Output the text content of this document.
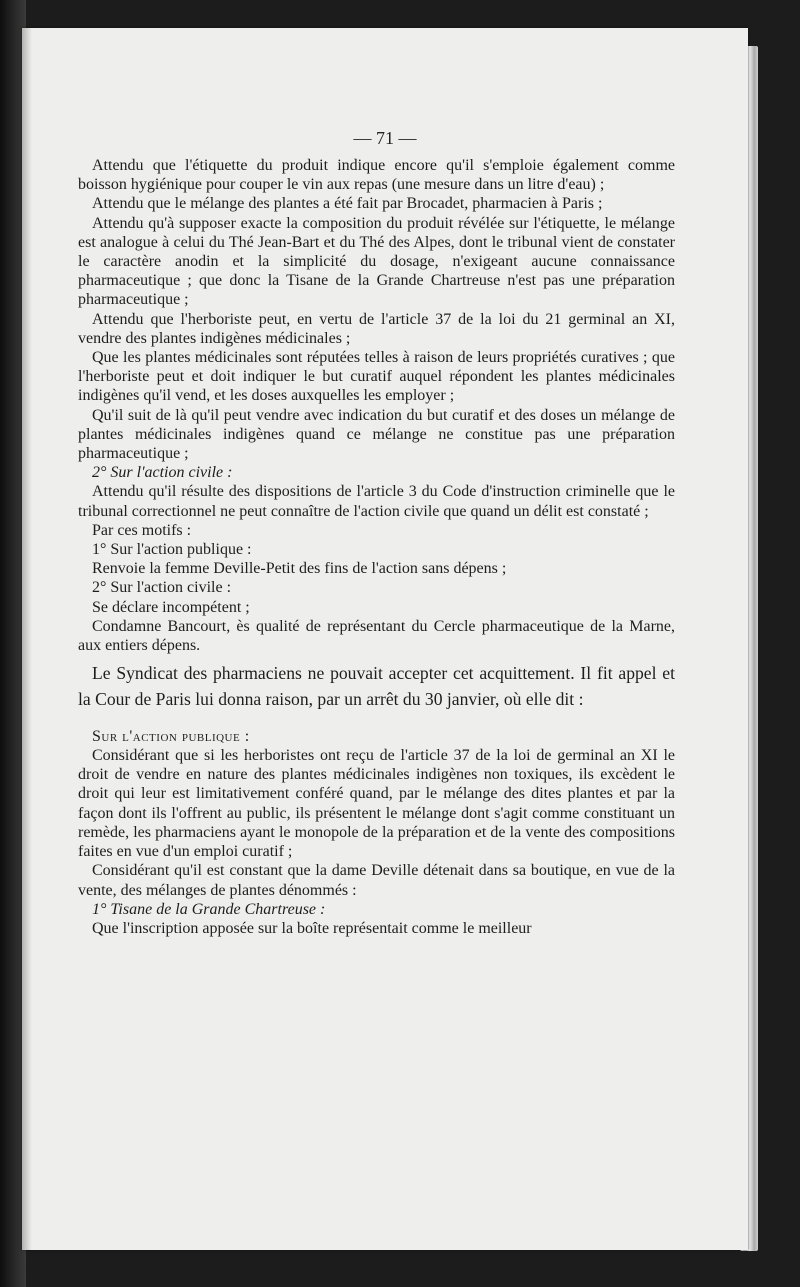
— 71 —

Attendu que l'étiquette du produit indique encore qu'il s'emploie également comme boisson hygiénique pour couper le vin aux repas (une mesure dans un litre d'eau) ;

Attendu que le mélange des plantes a été fait par Brocadet, pharmacien à Paris ;

Attendu qu'à supposer exacte la composition du produit révélée sur l'étiquette, le mélange est analogue à celui du Thé Jean-Bart et du Thé des Alpes, dont le tribunal vient de constater le caractère anodin et la simplicité du dosage, n'exigeant aucune connaissance pharmaceutique ; que donc la Tisane de la Grande Chartreuse n'est pas une préparation pharmaceutique ;

Attendu que l'herboriste peut, en vertu de l'article 37 de la loi du 21 germinal an XI, vendre des plantes indigènes médicinales ;

Que les plantes médicinales sont réputées telles à raison de leurs propriétés curatives ; que l'herboriste peut et doit indiquer le but curatif auquel répondent les plantes médicinales indigènes qu'il vend, et les doses auxquelles les employer ;

Qu'il suit de là qu'il peut vendre avec indication du but curatif et des doses un mélange de plantes médicinales indigènes quand ce mélange ne constitue pas une préparation pharmaceutique ;

2° Sur l'action civile :

Attendu qu'il résulte des dispositions de l'article 3 du Code d'instruction criminelle que le tribunal correctionnel ne peut connaître de l'action civile que quand un délit est constaté ;

Par ces motifs :

1° Sur l'action publique :

Renvoie la femme Deville-Petit des fins de l'action sans dépens ;

2° Sur l'action civile :

Se déclare incompétent ;

Condamne Bancourt, ès qualité de représentant du Cercle pharmaceutique de la Marne, aux entiers dépens.

Le Syndicat des pharmaciens ne pouvait accepter cet acquittement. Il fit appel et la Cour de Paris lui donna raison, par un arrêt du 30 janvier, où elle dit :

Sur l'action publique :

Considérant que si les herboristes ont reçu de l'article 37 de la loi de germinal an XI le droit de vendre en nature des plantes médicinales indigènes non toxiques, ils excèdent le droit qui leur est limitativement conféré quand, par le mélange des dites plantes et par la façon dont ils l'offrent au public, ils présentent le mélange dont s'agit comme constituant un remède, les pharmaciens ayant le monopole de la préparation et de la vente des compositions faites en vue d'un emploi curatif ;

Considérant qu'il est constant que la dame Deville détenait dans sa boutique, en vue de la vente, des mélanges de plantes dénommés :

1° Tisane de la Grande Chartreuse :

Que l'inscription apposée sur la boîte représentait comme le meilleur
